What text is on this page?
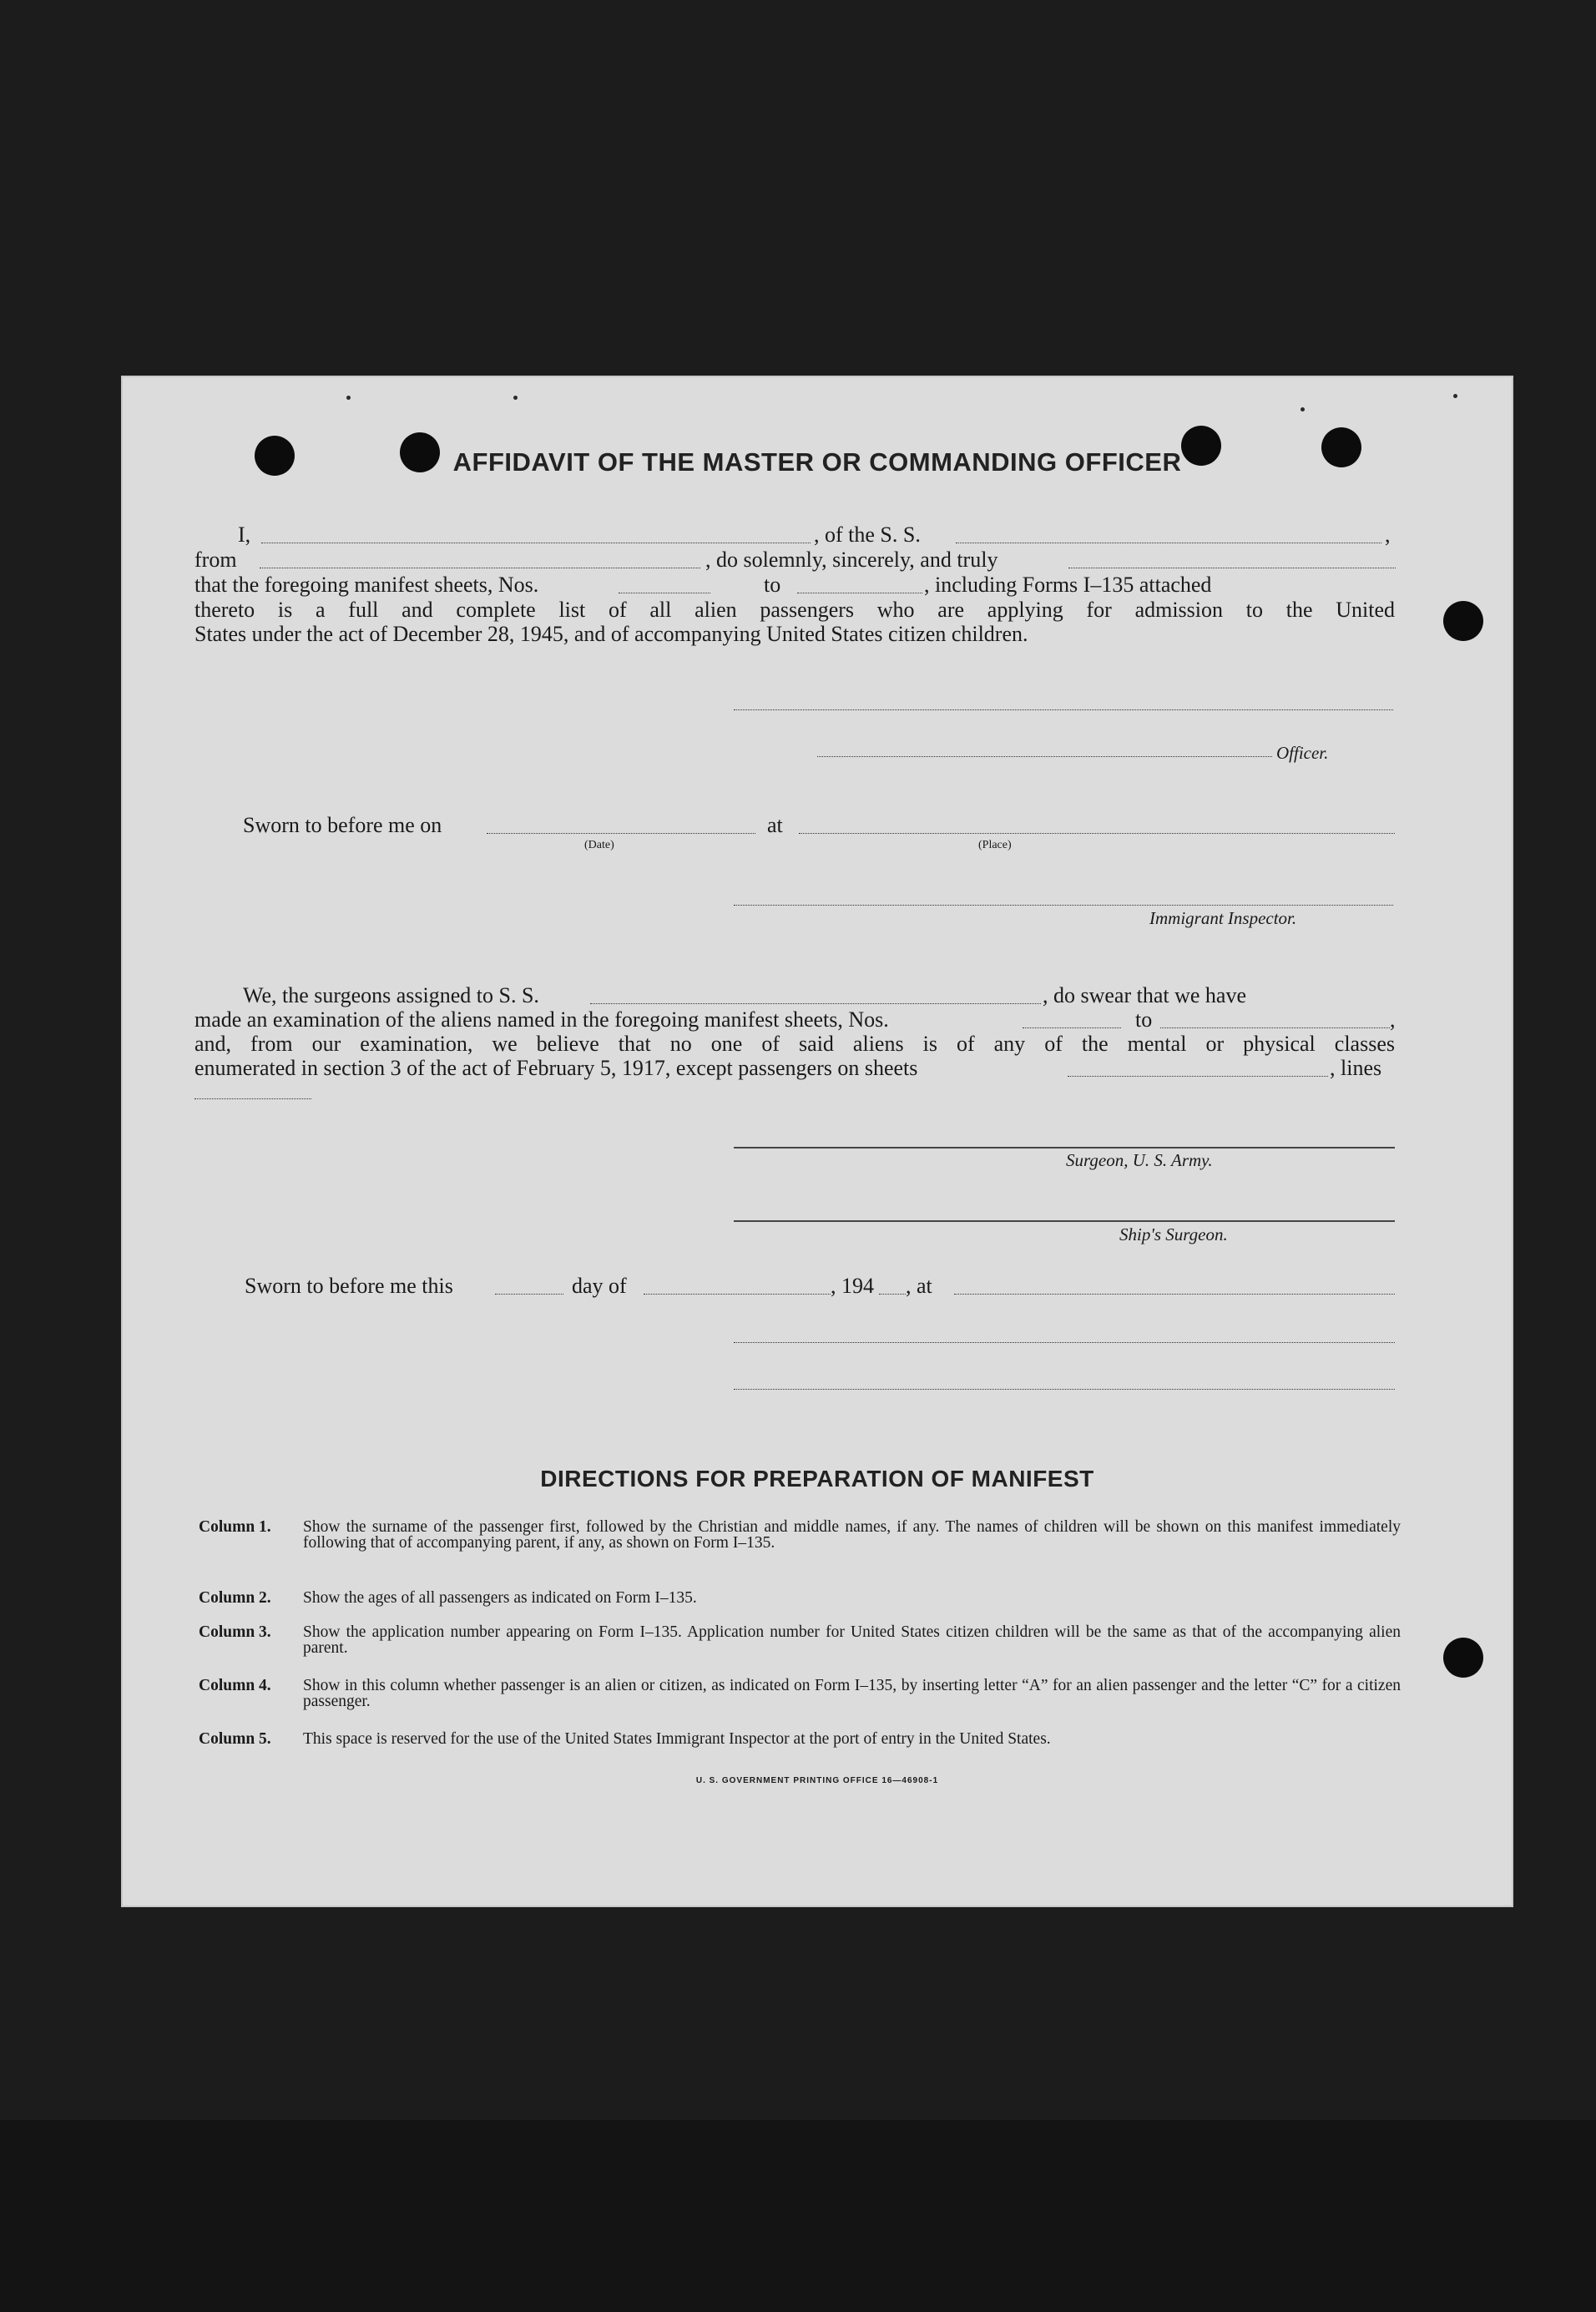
AFFIDAVIT OF THE MASTER OR COMMANDING OFFICER
I,	, of the S. S.	,
from	, do solemnly, sincerely, and truly
that the foregoing manifest sheets, Nos.	to	, including Forms I–135 attached
thereto is a full and complete list of all alien passengers who are applying for admission to the United
States under the act of December 28, 1945, and of accompanying United States citizen children.
Officer.
Sworn to before me on
(Date)
at
(Place)
Immigrant Inspector.
We, the surgeons assigned to S. S.	, do swear that we have
made an examination of the aliens named in the foregoing manifest sheets, Nos.	to	,
and, from our examination, we believe that no one of said aliens is of any of the mental or physical classes
enumerated in section 3 of the act of February 5, 1917, except passengers on sheets	, lines
Surgeon, U. S. Army.
Ship's Surgeon.
Sworn to before me this	day of	, 194 , at
DIRECTIONS FOR PREPARATION OF MANIFEST
Column 1.	Show the surname of the passenger first, followed by the Christian and middle names, if any. The names of children will be shown on this manifest immediately following that of accompanying parent, if any, as shown on Form I–135.
Column 2.	Show the ages of all passengers as indicated on Form I–135.
Column 3.	Show the application number appearing on Form I–135. Application number for United States citizen children will be the same as that of the accompanying alien parent.
Column 4.	Show in this column whether passenger is an alien or citizen, as indicated on Form I–135, by inserting letter “A” for an alien passenger and the letter “C” for a citizen passenger.
Column 5.	This space is reserved for the use of the United States Immigrant Inspector at the port of entry in the United States.
U. S. GOVERNMENT PRINTING OFFICE 16—46908-1
